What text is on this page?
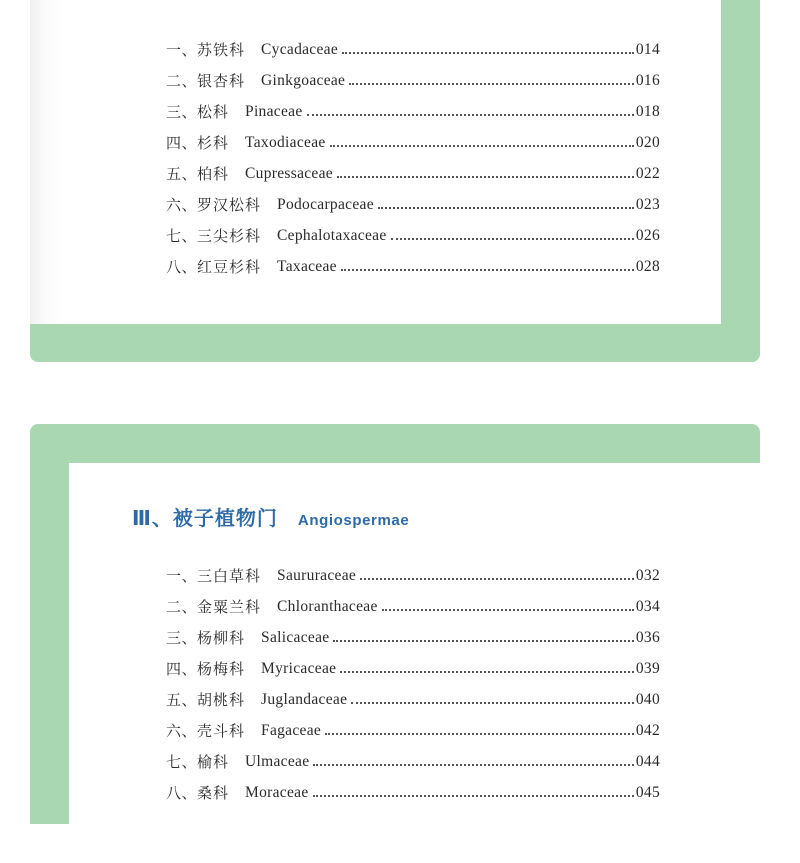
Ⅲ、被子植物门 Angiospermae
一、 苏铁科 Cycadaceae	014
二、 银杏科 Ginkgoaceae	016
三、 松科 Pinaceae	018
四、 杉科 Taxodiaceae	020
五、 柏科 Cupressaceae	022
六、 罗汉松科 Podocarpaceae	023
七、 三尖杉科 Cephalotaxaceae	026
八、 红豆杉科 Taxaceae	028
一、 三白草科 Saururaceae	032
二、 金粟兰科 Chloranthaceae	034
三、 杨柳科 Salicaceae	036
四、 杨梅科 Myricaceae	039
五、 胡桃科 Juglandaceae	040
六、 壳斗科 Fagaceae	042
七、 榆科 Ulmaceae	044
八、 桑科 Moraceae	045
